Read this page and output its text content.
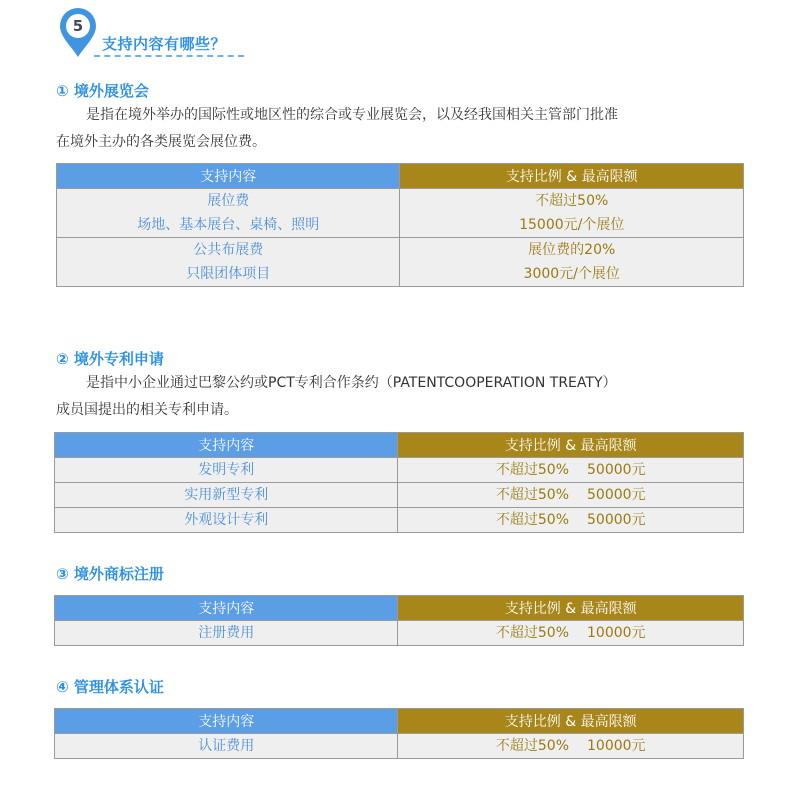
5
支持内容有哪些？
① 境外展览会
是指在境外举办的国际性或地区性的综合或专业展览会，以及经我国相关主管部门批准
在境外主办的各类展览会展位费。
支持内容	支持比例 & 最高限额

展位费
场地、基本展台、桌椅、照明	不超过50%
15000元/个展位

公共布展费
只限团体项目	展位费的20%
3000元/个展位
② 境外专利申请
是指中小企业通过巴黎公约或PCT专利合作条约（PATENTCOOPERATION TREATY）
成员国提出的相关专利申请。
支持内容	支持比例 & 最高限额
发明专利	不超过50% 50000元
实用新型专利	不超过50% 50000元
外观设计专利	不超过50% 50000元
③ 境外商标注册
支持内容	支持比例 & 最高限额
注册费用	不超过50% 10000元
④ 管理体系认证
支持内容	支持比例 & 最高限额
认证费用	不超过50% 10000元
